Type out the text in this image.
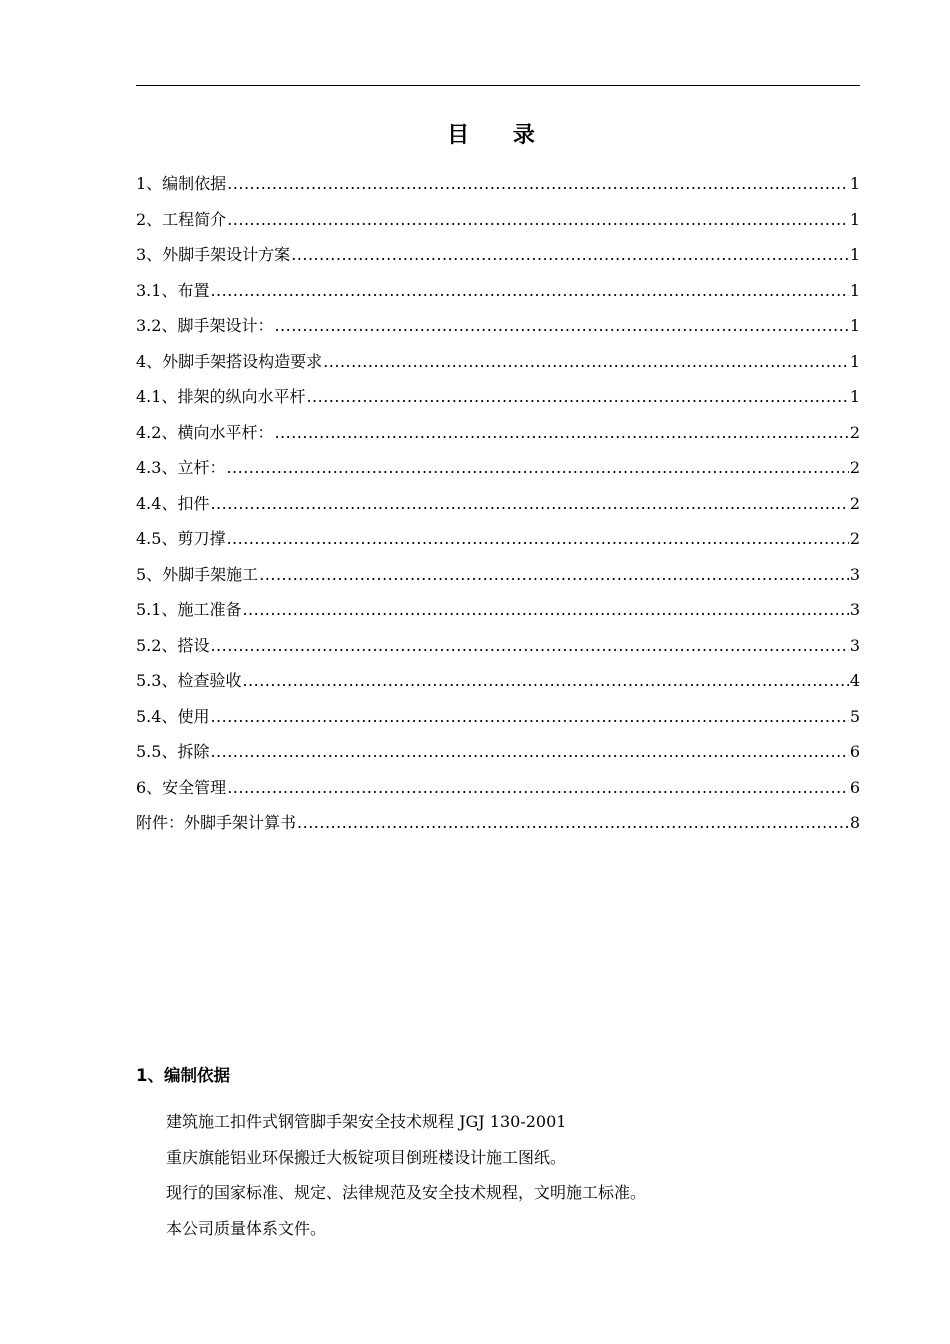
目 录
1、编制依据 .....	1
2、工程简介 .....	1
3、外脚手架设计方案 .....	1
3.1、布置 .....	1
3.2、脚手架设计： .....	1
4、外脚手架搭设构造要求 .....	1
4.1、排架的纵向水平杆 .....	1
4.2、横向水平杆： .....	2
4.3、立杆： .....	2
4.4、扣件 .....	2
4.5、剪刀撑 .....	2
5、外脚手架施工 .....	3
5.1、施工准备 .....	3
5.2、搭设 .....	3
5.3、检查验收 .....	4
5.4、使用 .....	5
5.5、拆除 .....	6
6、安全管理 .....	6
附件：外脚手架计算书 .....	8
1、编制依据

建筑施工扣件式钢管脚手架安全技术规程 JGJ 130-2001

重庆旗能铝业环保搬迁大板锭项目倒班楼设计施工图纸。

现行的国家标准、规定、法律规范及安全技术规程，文明施工标准。

本公司质量体系文件。
